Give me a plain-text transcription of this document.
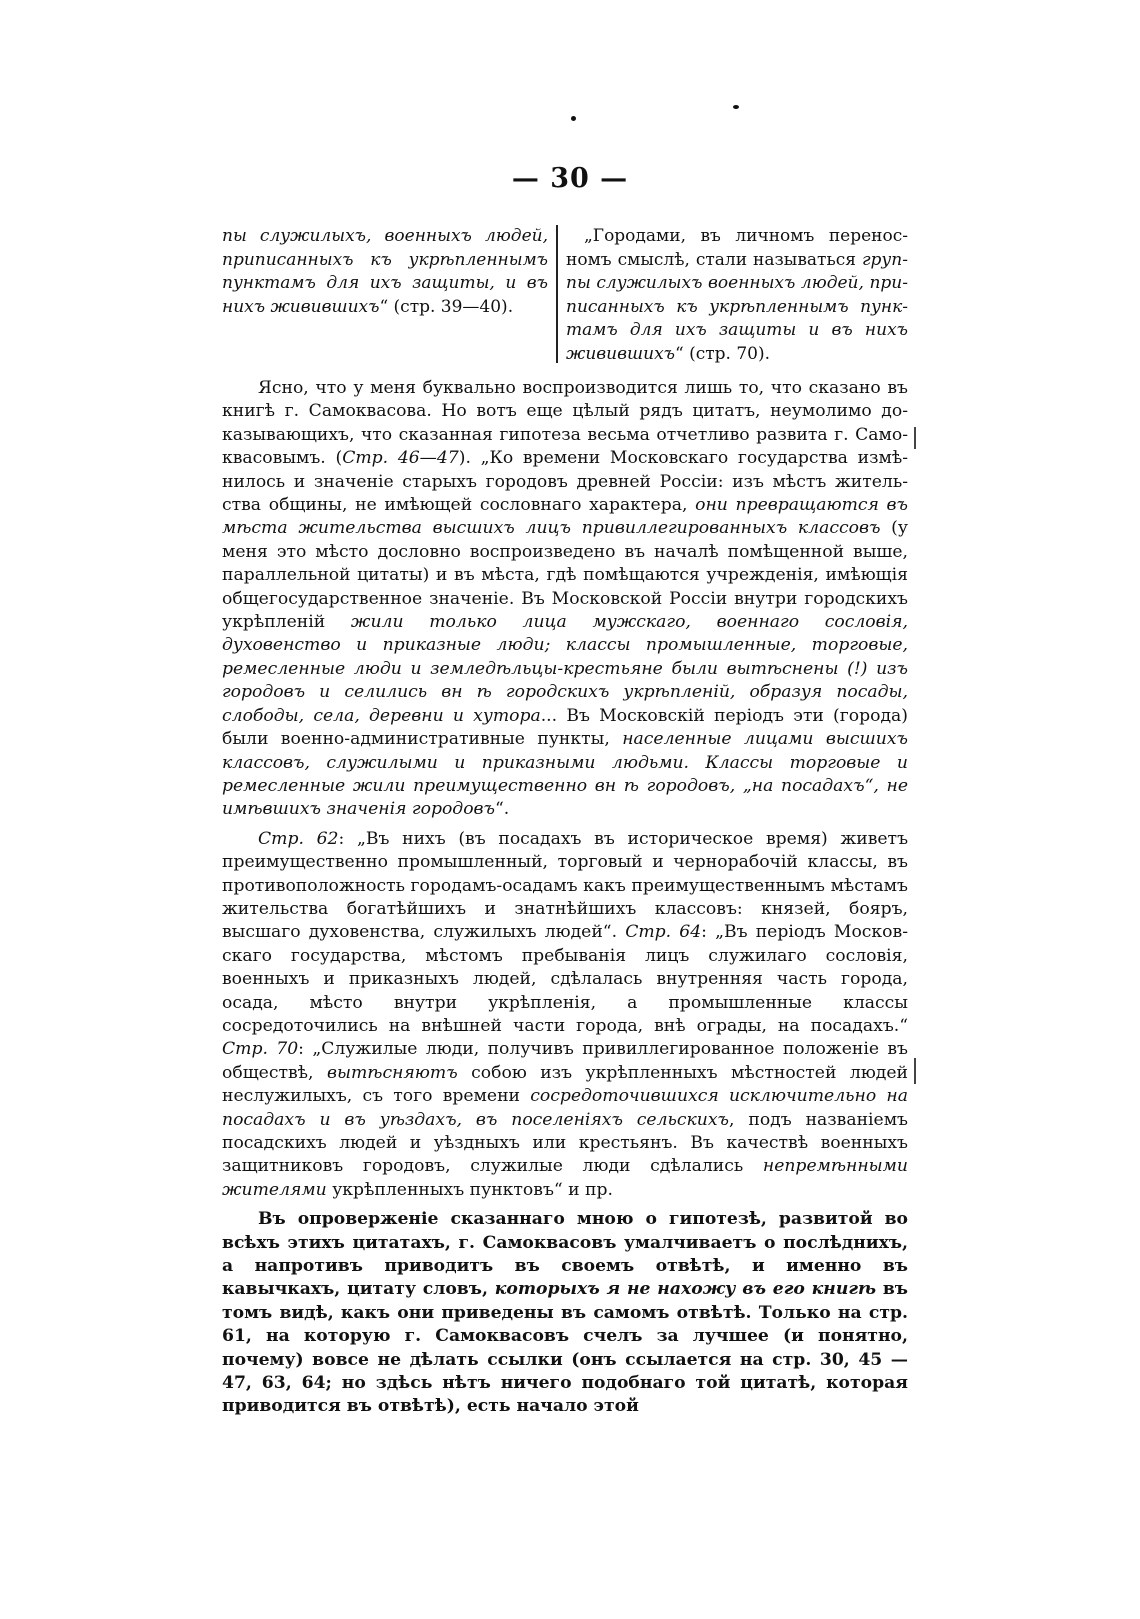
— 30 —
пы служилыхъ, военныхъ людей, приписанныхъ къ укрѣпленнымъ пунктамъ для ихъ защиты, и въ нихъ живившихъ“ (стр. 39—40).
„Городами, въ личномъ переносномъ смыслѣ, стали называться группы служилыхъ военныхъ людей, приписанныхъ къ укрѣпленнымъ пунктамъ для ихъ защиты и въ нихъ живившихъ“ (стр. 70).

Ясно, что у меня буквально воспроизводится лишь то, что сказано въ книгѣ г. Самоквасова. Но вотъ еще цѣлый рядъ цитатъ, неумолимо доказывающихъ, что сказанная гипотеза весьма отчетливо развита г. Самоквасовымъ. (Стр. 46—47). „Ко времени Московскаго государства измѣнилось и значеніе старыхъ городовъ древней Россіи: изъ мѣстъ жительства общины, не имѣющей сословнаго характера, они превращаются въ мѣста жительства высшихъ лицъ привиллегированныхъ классовъ (у меня это мѣсто дословно воспроизведено въ началѣ помѣщенной выше, параллельной цитаты) и въ мѣста, гдѣ помѣщаются учрежденія, имѣющія общегосударственное значеніе. Въ Московской Россіи внутри городскихъ укрѣпленій жили только лица мужскаго, военнаго сословія, духовенство и приказные люди; классы промышленные, торговые, ремесленные люди и земледѣльцы-крестьяне были вытѣснены (!) изъ городовъ и селились вн ѣ городскихъ укрѣпленій, образуя посады, слободы, села, деревни и хутора... Въ Московскій періодъ эти (города) были военно-административные пункты, населенные лицами высшихъ классовъ, служилыми и приказными людьми. Классы торговые и ремесленные жили преимущественно вн ѣ городовъ, „на посадахъ“, не имѣвшихъ значенія городовъ“.

Стр. 62: „Въ нихъ (въ посадахъ въ историческое время) живетъ преимущественно промышленный, торговый и чернорабочій классы, въ противоположность городамъ-осадамъ какъ преимущественнымъ мѣстамъ жительства богатѣйшихъ и знатнѣйшихъ классовъ: князей, бояръ, высшаго духовенства, служилыхъ людей“. Стр. 64: „Въ періодъ Московскаго государства, мѣстомъ пребыванія лицъ служилаго сословія, военныхъ и приказныхъ людей, сдѣлалась внутренняя часть города, осада, мѣсто внутри укрѣпленія, а промышленные классы сосредоточились на внѣшней части города, внѣ ограды, на посадахъ.“ Стр. 70: „Служилые люди, получивъ привиллегированное положеніе въ обществѣ, вытѣсняютъ собою изъ укрѣпленныхъ мѣстностей людей неслужилыхъ, съ того времени сосредоточившихся исключительно на посадахъ и въ уѣздахъ, въ поселеніяхъ сельскихъ, подъ названіемъ посадскихъ людей и уѣздныхъ или крестьянъ. Въ качествѣ военныхъ защитниковъ городовъ, служилые люди сдѣлались непремѣнными жителями укрѣпленныхъ пунктовъ“ и пр.

Въ опроверженіе сказаннаго мною о гипотезѣ, развитой во всѣхъ этихъ цитатахъ, г. Самоквасовъ умалчиваетъ о послѣднихъ, а напротивъ приводитъ въ своемъ отвѣтѣ, и именно въ кавычкахъ, цитату словъ, которыхъ я не нахожу въ его книгѣ въ томъ видѣ, какъ они приведены въ самомъ отвѣтѣ. Только на стр. 61, на которую г. Самоквасовъ счелъ за лучшее (и понятно, почему) вовсе не дѣлать ссылки (онъ ссылается на стр. 30, 45 — 47, 63, 64; но здѣсь нѣтъ ничего подобнаго той цитатѣ, которая приводится въ отвѣтѣ), есть начало этой
